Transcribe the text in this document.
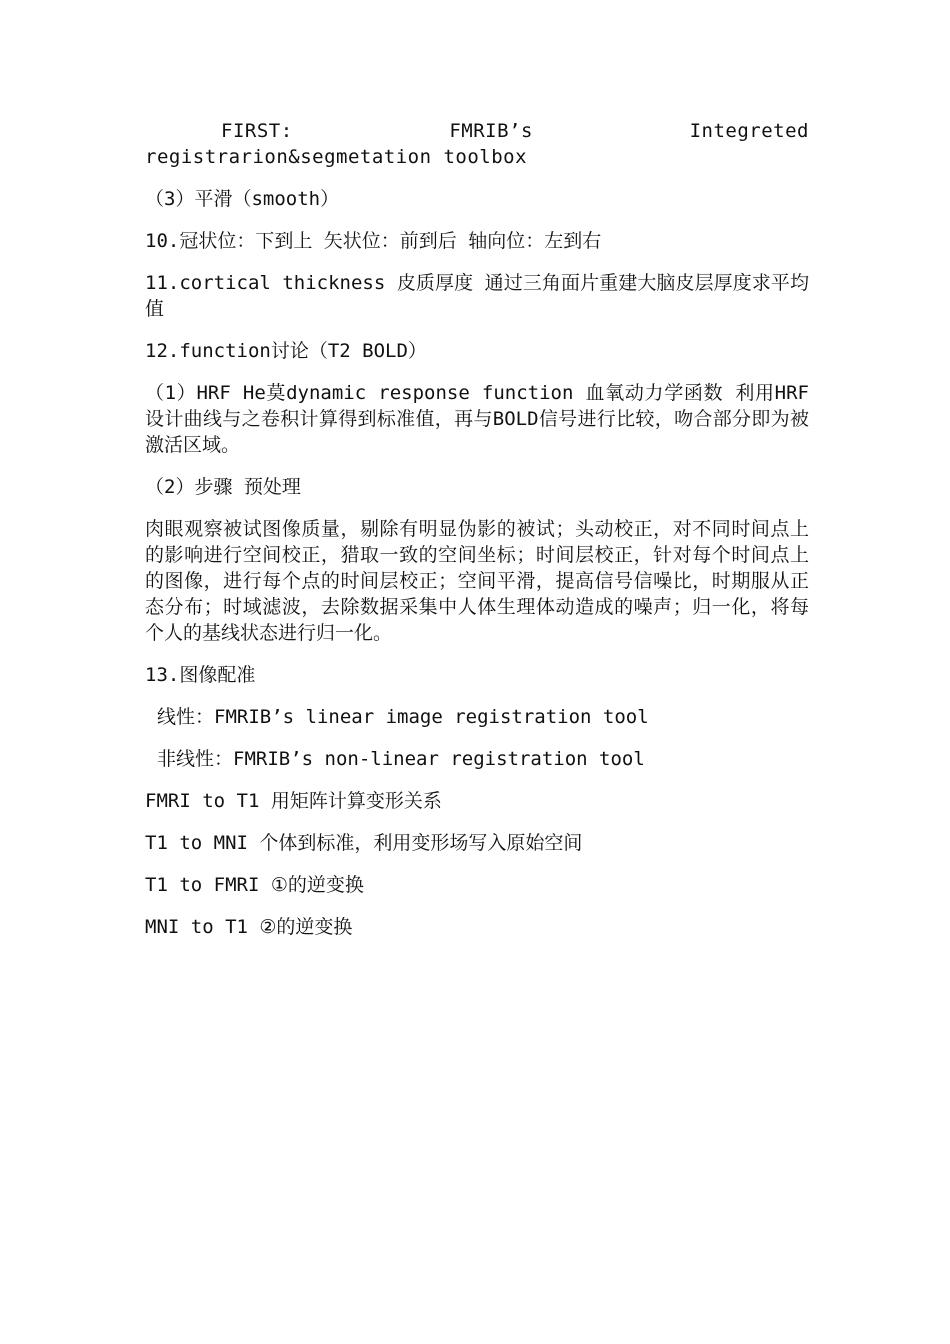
FIRST: FMRIB’s Integreted registrarion&segmetation toolbox

（3）平滑（smooth）

10.冠状位：下到上 矢状位：前到后 轴向位：左到右

11.cortical thickness 皮质厚度 通过三角面片重建大脑皮层厚度求平均值

12.function讨论（T2 BOLD）

（1）HRF He莫dynamic response function 血氧动力学函数 利用HRF设计曲线与之卷积计算得到标准值，再与BOLD信号进行比较，吻合部分即为被激活区域。

（2）步骤 预处理

肉眼观察被试图像质量，剔除有明显伪影的被试；头动校正，对不同时间点上的影响进行空间校正，猎取一致的空间坐标；时间层校正，针对每个时间点上的图像，进行每个点的时间层校正；空间平滑，提高信号信噪比，时期服从正态分布；时域滤波，去除数据采集中人体生理体动造成的噪声；归一化，将每个人的基线状态进行归一化。

13.图像配准

线性：FMRIB’s linear image registration tool

非线性：FMRIB’s non-linear registration tool

FMRI to T1 用矩阵计算变形关系

T1 to MNI 个体到标准，利用变形场写入原始空间

T1 to FMRI ①的逆变换

MNI to T1 ②的逆变换
